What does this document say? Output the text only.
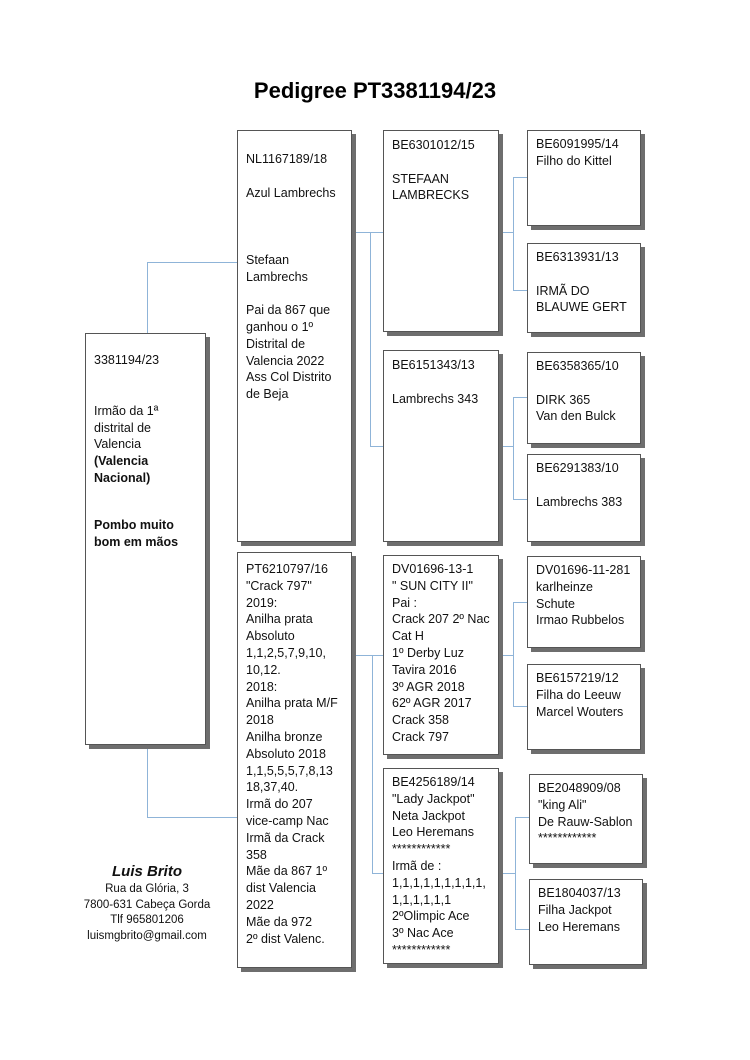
Pedigree PT3381194/23
3381194/23
Irmão da 1ª
distrital de
Valencia
(Valencia
Nacional)
Pombo muito
bom em mãos
NL1167189/18

Azul Lambrechs

Stefaan
Lambrechs

Pai da 867 que
ganhou o 1º
Distrital de
Valencia 2022
Ass Col Distrito
de Beja
PT6210797/16
"Crack 797"
2019:
Anilha prata
Absoluto
1,1,2,5,7,9,10,
10,12.
2018:
Anilha prata M/F
2018
Anilha bronze
Absoluto 2018
1,1,5,5,5,7,8,13
18,37,40.
Irmã do 207
vice-camp Nac
Irmã da Crack
358
Mãe da 867 1º
dist Valencia
2022
Mãe da 972
2º dist Valenc.
BE6301012/15

STEFAAN
LAMBRECKS
BE6151343/13

Lambrechs 343
DV01696-13-1
" SUN CITY II"
Pai :
Crack 207 2º Nac
Cat H
1º Derby Luz
Tavira 2016
3º AGR 2018
62º AGR 2017
Crack 358
Crack 797
BE4256189/14
"Lady Jackpot"
Neta Jackpot
Leo Heremans
************
Irmã de :
1,1,1,1,1,1,1,1,1,
1,1,1,1,1,1
2ºOlimpic Ace
3º Nac Ace
************
BE6091995/14
Filho do Kittel
BE6313931/13

IRMÃ DO
BLAUWE GERT
BE6358365/10

DIRK 365
Van den Bulck
BE6291383/10

Lambrechs 383
DV01696-11-281
karlheinze
Schute
Irmao Rubbelos
BE6157219/12
Filha do Leeuw
Marcel Wouters
BE2048909/08
"king Ali"
De Rauw-Sablon
************
BE1804037/13
Filha Jackpot
Leo Heremans
Luis Brito
Rua da Glória, 3
7800-631 Cabeça Gorda
Tlf 965801206
luismgbrito@gmail.com
